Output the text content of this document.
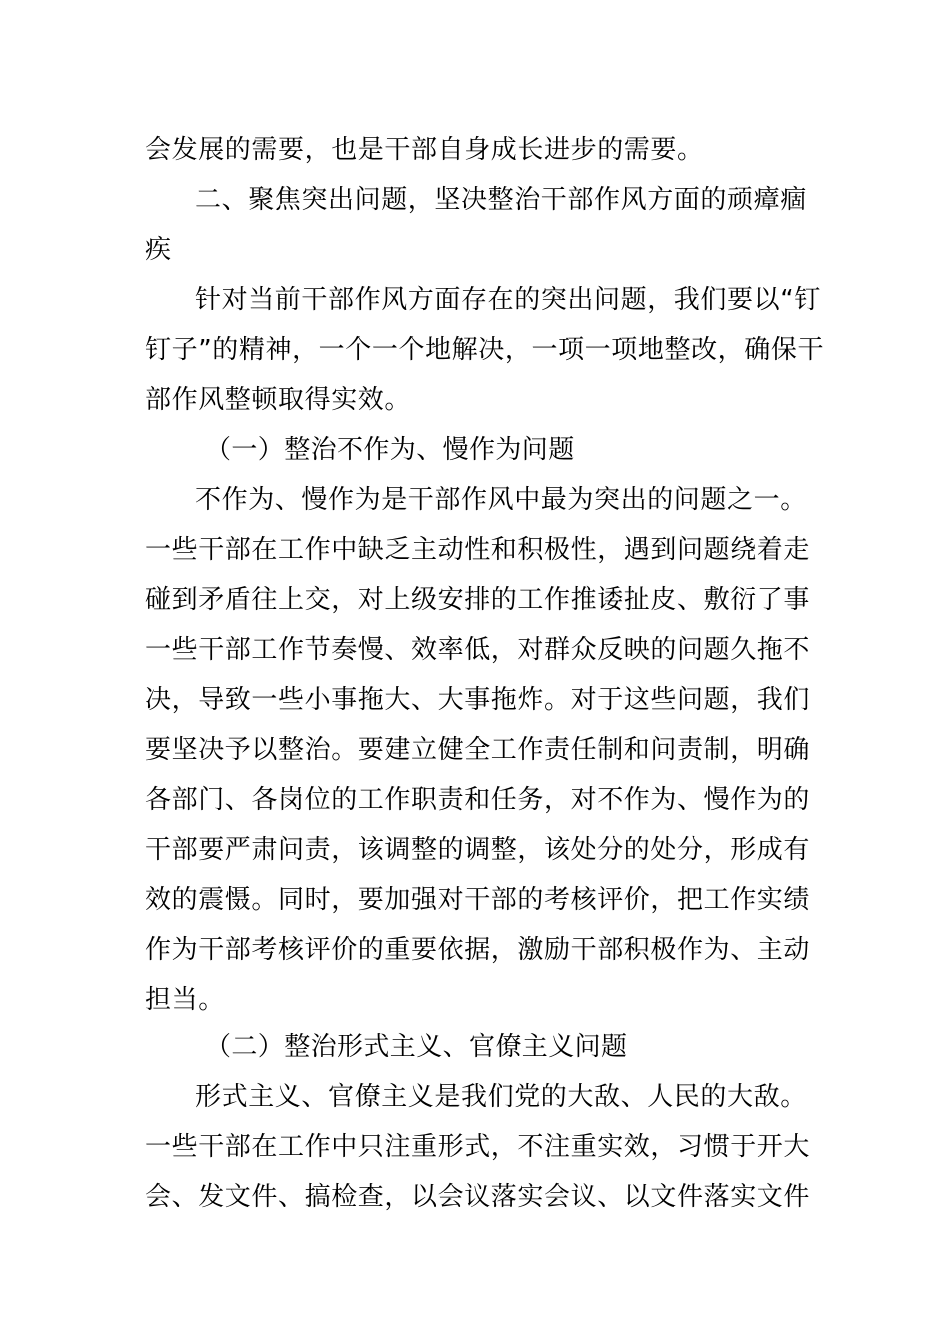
会发展的需要，也是干部自身成长进步的需要。
二、聚焦突出问题，坚决整治干部作风方面的顽瘴痼
疾
针对当前干部作风方面存在的突出问题，我们要以“钉
钉子”的精神，一个一个地解决，一项一项地整改，确保干
部作风整顿取得实效。
（一）整治不作为、慢作为问题
不作为、慢作为是干部作风中最为突出的问题之一。
一些干部在工作中缺乏主动性和积极性，遇到问题绕着走
碰到矛盾往上交，对上级安排的工作推诿扯皮、敷衍了事
一些干部工作节奏慢、效率低，对群众反映的问题久拖不
决，导致一些小事拖大、大事拖炸。对于这些问题，我们
要坚决予以整治。要建立健全工作责任制和问责制，明确
各部门、各岗位的工作职责和任务，对不作为、慢作为的
干部要严肃问责，该调整的调整，该处分的处分，形成有
效的震慑。同时，要加强对干部的考核评价，把工作实绩
作为干部考核评价的重要依据，激励干部积极作为、主动
担当。
（二）整治形式主义、官僚主义问题
形式主义、官僚主义是我们党的大敌、人民的大敌。
一些干部在工作中只注重形式，不注重实效，习惯于开大
会、发文件、搞检查，以会议落实会议、以文件落实文件
